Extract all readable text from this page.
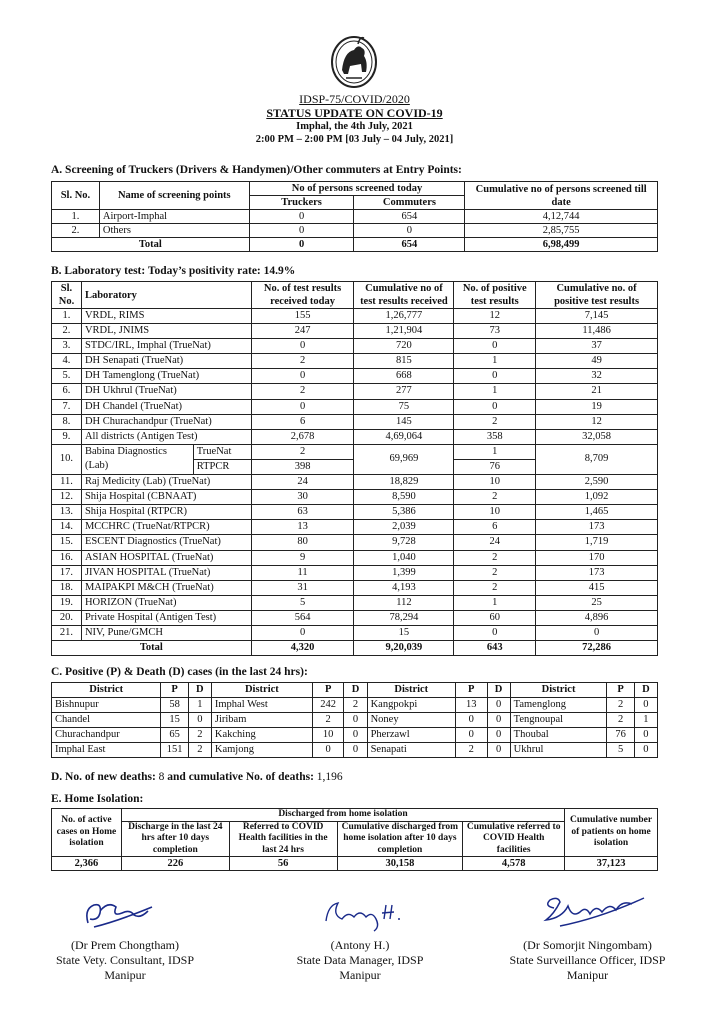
IDSP-75/COVID/2020
STATUS UPDATE ON COVID-19
Imphal, the 4th July, 2021
2:00 PM – 2:00 PM [03 July – 04 July, 2021]
A. Screening of Truckers (Drivers & Handymen)/Other commuters at Entry Points:
Sl. No.	Name of screening points	No of persons screened today		Cumulative no of persons screened till date
		Truckers	Commuters	
1.	Airport-Imphal	0	654	4,12,744
2.	Others	0	0	2,85,755
Total		0	654	6,98,499
B. Laboratory test: Today’s positivity rate: 14.9%
Sl. No.	Laboratory		No. of test results received today	Cumulative no of test results received	No. of positive test results	Cumulative no. of positive test results
1.	VRDL, RIMS		155	1,26,777	12	7,145
2.	VRDL, JNIMS		247	1,21,904	73	11,486
3.	STDC/IRL, Imphal (TrueNat)		0	720	0	37
4.	DH Senapati (TrueNat)		2	815	1	49
5.	DH Tamenglong (TrueNat)		0	668	0	32
6.	DH Ukhrul (TrueNat)		2	277	1	21
7.	DH Chandel (TrueNat)		0	75	0	19
8.	DH Churachandpur (TrueNat)		6	145	2	12
9.	All districts (Antigen Test)		2,678	4,69,064	358	32,058
10.	Babina Diagnostics (Lab)	TrueNat	2	69,969	1	8,709
		RTPCR	398		76	
11.	Raj Medicity (Lab) (TrueNat)		24	18,829	10	2,590
12.	Shija Hospital (CBNAAT)		30	8,590	2	1,092
13.	Shija Hospital (RTPCR)		63	5,386	10	1,465
14.	MCCHRC (TrueNat/RTPCR)		13	2,039	6	173
15.	ESCENT Diagnostics (TrueNat)		80	9,728	24	1,719
16.	ASIAN HOSPITAL (TrueNat)		9	1,040	2	170
17.	JIVAN HOSPITAL (TrueNat)		11	1,399	2	173
18.	MAIPAKPI M&CH (TrueNat)		31	4,193	2	415
19.	HORIZON (TrueNat)		5	112	1	25
20.	Private Hospital (Antigen Test)		564	78,294	60	4,896
21.	NIV, Pune/GMCH		0	15	0	0
Total			4,320	9,20,039	643	72,286
C. Positive (P) & Death (D) cases (in the last 24 hrs):
District	P	D	District	P	D	District	P	D	District	P	D
Bishnupur	58	1	Imphal West	242	2	Kangpokpi	13	0	Tamenglong	2	0
Chandel	15	0	Jiribam	2	0	Noney	0	0	Tengnoupal	2	1
Churachandpur	65	2	Kakching	10	0	Pherzawl	0	0	Thoubal	76	0
Imphal East	151	2	Kamjong	0	0	Senapati	2	0	Ukhrul	5	0
D. No. of new deaths: 8 and cumulative No. of deaths: 1,196
E. Home Isolation:
No. of active cases on Home isolation	Discharged from home isolation				Cumulative number of patients on home isolation
	Discharge in the last 24 hrs after 10 days completion	Referred to COVID Health facilities in the last 24 hrs	Cumulative discharged from home isolation after 10 days completion	Cumulative referred to COVID Health facilities	
2,366	226	56	30,158	4,578	37,123
(Dr Prem Chongtham)
State Vety. Consultant, IDSP
Manipur
(Antony H.)
State Data Manager, IDSP
Manipur
(Dr Somorjit Ningombam)
State Surveillance Officer, IDSP
Manipur
